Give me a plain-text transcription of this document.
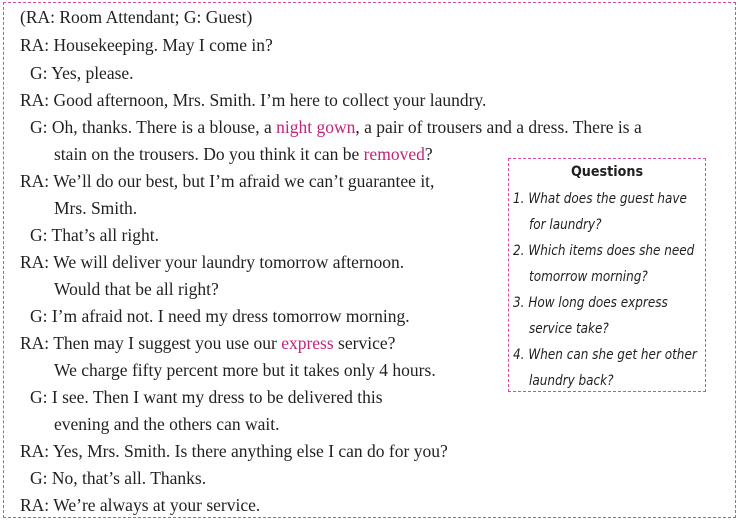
(RA: Room Attendant; G: Guest)
RA: Housekeeping. May I come in?
G: Yes, please.
RA: Good afternoon, Mrs. Smith. I’m here to collect your laundry.
G: Oh, thanks. There is a blouse, a night gown, a pair of trousers and a dress. There is a
stain on the trousers. Do you think it can be removed?
RA: We’ll do our best, but I’m afraid we can’t guarantee it,
Mrs. Smith.
G: That’s all right.
RA: We will deliver your laundry tomorrow afternoon.
Would that be all right?
G: I’m afraid not. I need my dress tomorrow morning.
RA: Then may I suggest you use our express service?
We charge fifty percent more but it takes only 4 hours.
G: I see. Then I want my dress to be delivered this
evening and the others can wait.
RA: Yes, Mrs. Smith. Is there anything else I can do for you?
G: No, that’s all. Thanks.
RA: We’re always at your service.
Questions
1. What does the guest have
for laundry?
2. Which items does she need
tomorrow morning?
3. How long does express
service take?
4. When can she get her other
laundry back?
